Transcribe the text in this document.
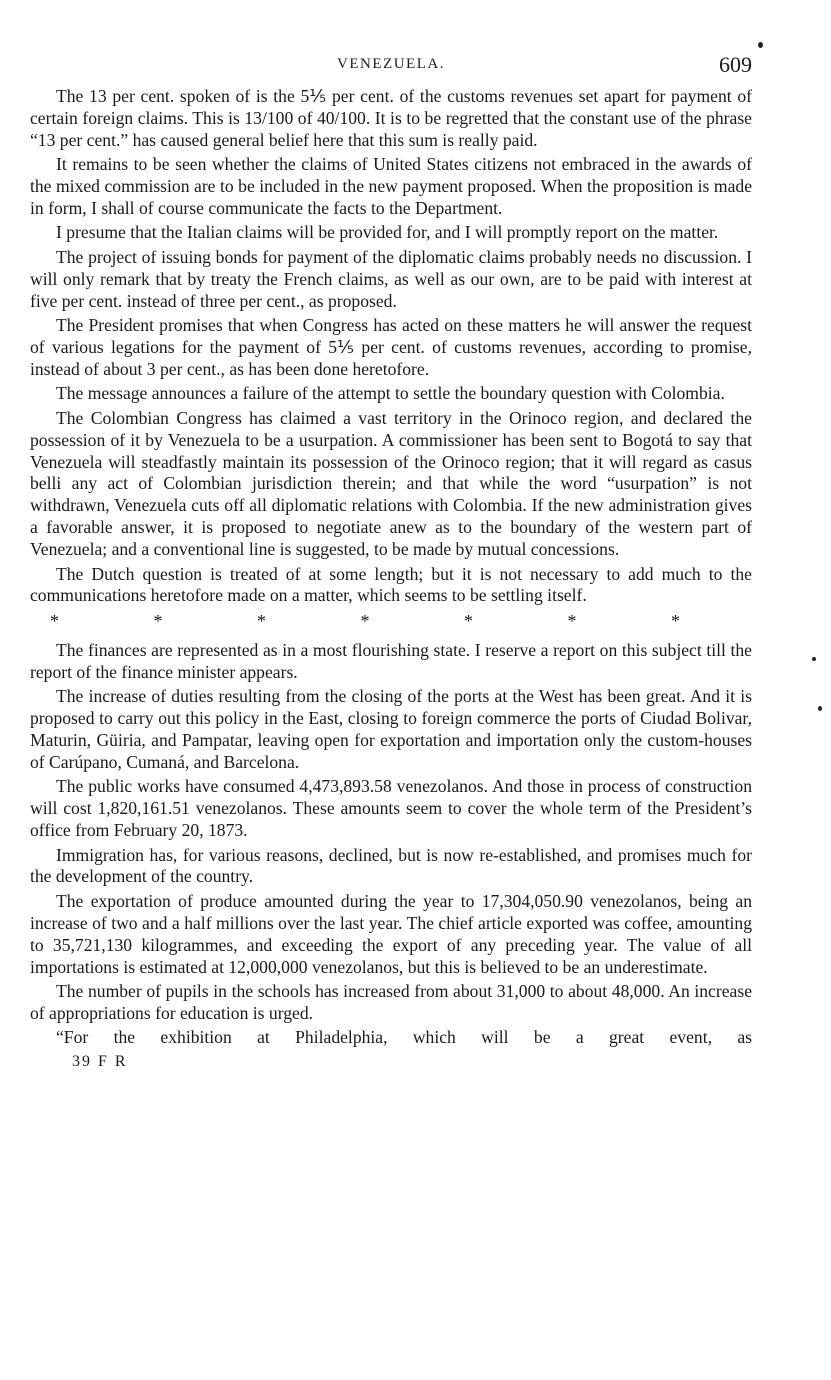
VENEZUELA.	609

The 13 per cent. spoken of is the 5⅕ per cent. of the customs revenues set apart for payment of certain foreign claims. This is 13/100 of 40/100. It is to be regretted that the constant use of the phrase “13 per cent.” has caused general belief here that this sum is really paid.

It remains to be seen whether the claims of United States citizens not embraced in the awards of the mixed commission are to be included in the new payment proposed. When the proposition is made in form, I shall of course communicate the facts to the Department.

I presume that the Italian claims will be provided for, and I will promptly report on the matter.

The project of issuing bonds for payment of the diplomatic claims probably needs no discussion. I will only remark that by treaty the French claims, as well as our own, are to be paid with interest at five per cent. instead of three per cent., as proposed.

The President promises that when Congress has acted on these matters he will answer the request of various legations for the payment of 5⅕ per cent. of customs revenues, according to promise, instead of about 3 per cent., as has been done heretofore.

The message announces a failure of the attempt to settle the boundary question with Colombia.

The Colombian Congress has claimed a vast territory in the Orinoco region, and declared the possession of it by Venezuela to be a usurpation. A commissioner has been sent to Bogotá to say that Venezuela will steadfastly maintain its possession of the Orinoco region; that it will regard as casus belli any act of Colombian jurisdiction therein; and that while the word “usurpation” is not withdrawn, Venezuela cuts off all diplomatic relations with Colombia. If the new administration gives a favorable answer, it is proposed to negotiate anew as to the boundary of the western part of Venezuela; and a conventional line is suggested, to be made by mutual concessions.

The Dutch question is treated of at some length; but it is not necessary to add much to the communications heretofore made on a matter, which seems to be settling itself.

* * * * * * *

The finances are represented as in a most flourishing state. I reserve a report on this subject till the report of the finance minister appears.

The increase of duties resulting from the closing of the ports at the West has been great. And it is proposed to carry out this policy in the East, closing to foreign commerce the ports of Ciudad Bolivar, Maturin, Güiria, and Pampatar, leaving open for exportation and importation only the custom-houses of Carúpano, Cumaná, and Barcelona.

The public works have consumed 4,473,893.58 venezolanos. And those in process of construction will cost 1,820,161.51 venezolanos. These amounts seem to cover the whole term of the President’s office from February 20, 1873.

Immigration has, for various reasons, declined, but is now re-established, and promises much for the development of the country.

The exportation of produce amounted during the year to 17,304,050.90 venezolanos, being an increase of two and a half millions over the last year. The chief article exported was coffee, amounting to 35,721,130 kilogrammes, and exceeding the export of any preceding year. The value of all importations is estimated at 12,000,000 venezolanos, but this is believed to be an underestimate.

The number of pupils in the schools has increased from about 31,000 to about 48,000. An increase of appropriations for education is urged.

“For the exhibition at Philadelphia, which will be a great event, as

39 F R
